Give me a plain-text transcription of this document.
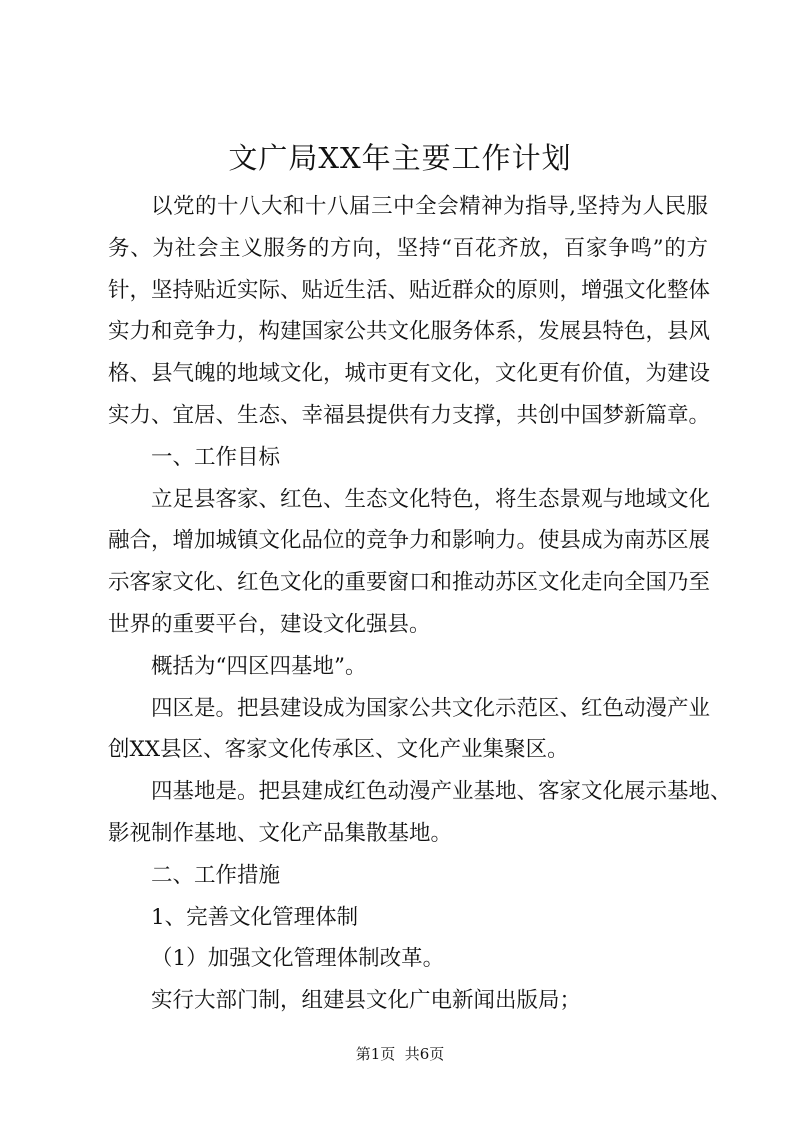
文广局XX年主要工作计划
以党的十八大和十八届三中全会精神为指导,坚持为人民服
务、为社会主义服务的方向，坚持“百花齐放，百家争鸣”的方
针，坚持贴近实际、贴近生活、贴近群众的原则，增强文化整体
实力和竞争力，构建国家公共文化服务体系，发展县特色，县风
格、县气魄的地域文化，城市更有文化，文化更有价值，为建设
实力、宜居、生态、幸福县提供有力支撑，共创中国梦新篇章。
一、工作目标
立足县客家、红色、生态文化特色，将生态景观与地域文化
融合，增加城镇文化品位的竞争力和影响力。使县成为南苏区展
示客家文化、红色文化的重要窗口和推动苏区文化走向全国乃至
世界的重要平台，建设文化强县。
概括为“四区四基地”。
四区是。把县建设成为国家公共文化示范区、红色动漫产业
创XX县区、客家文化传承区、文化产业集聚区。
四基地是。把县建成红色动漫产业基地、客家文化展示基地、
影视制作基地、文化产品集散基地。
二、工作措施
1、完善文化管理体制
（1）加强文化管理体制改革。
实行大部门制，组建县文化广电新闻出版局；
第1页  共6页
